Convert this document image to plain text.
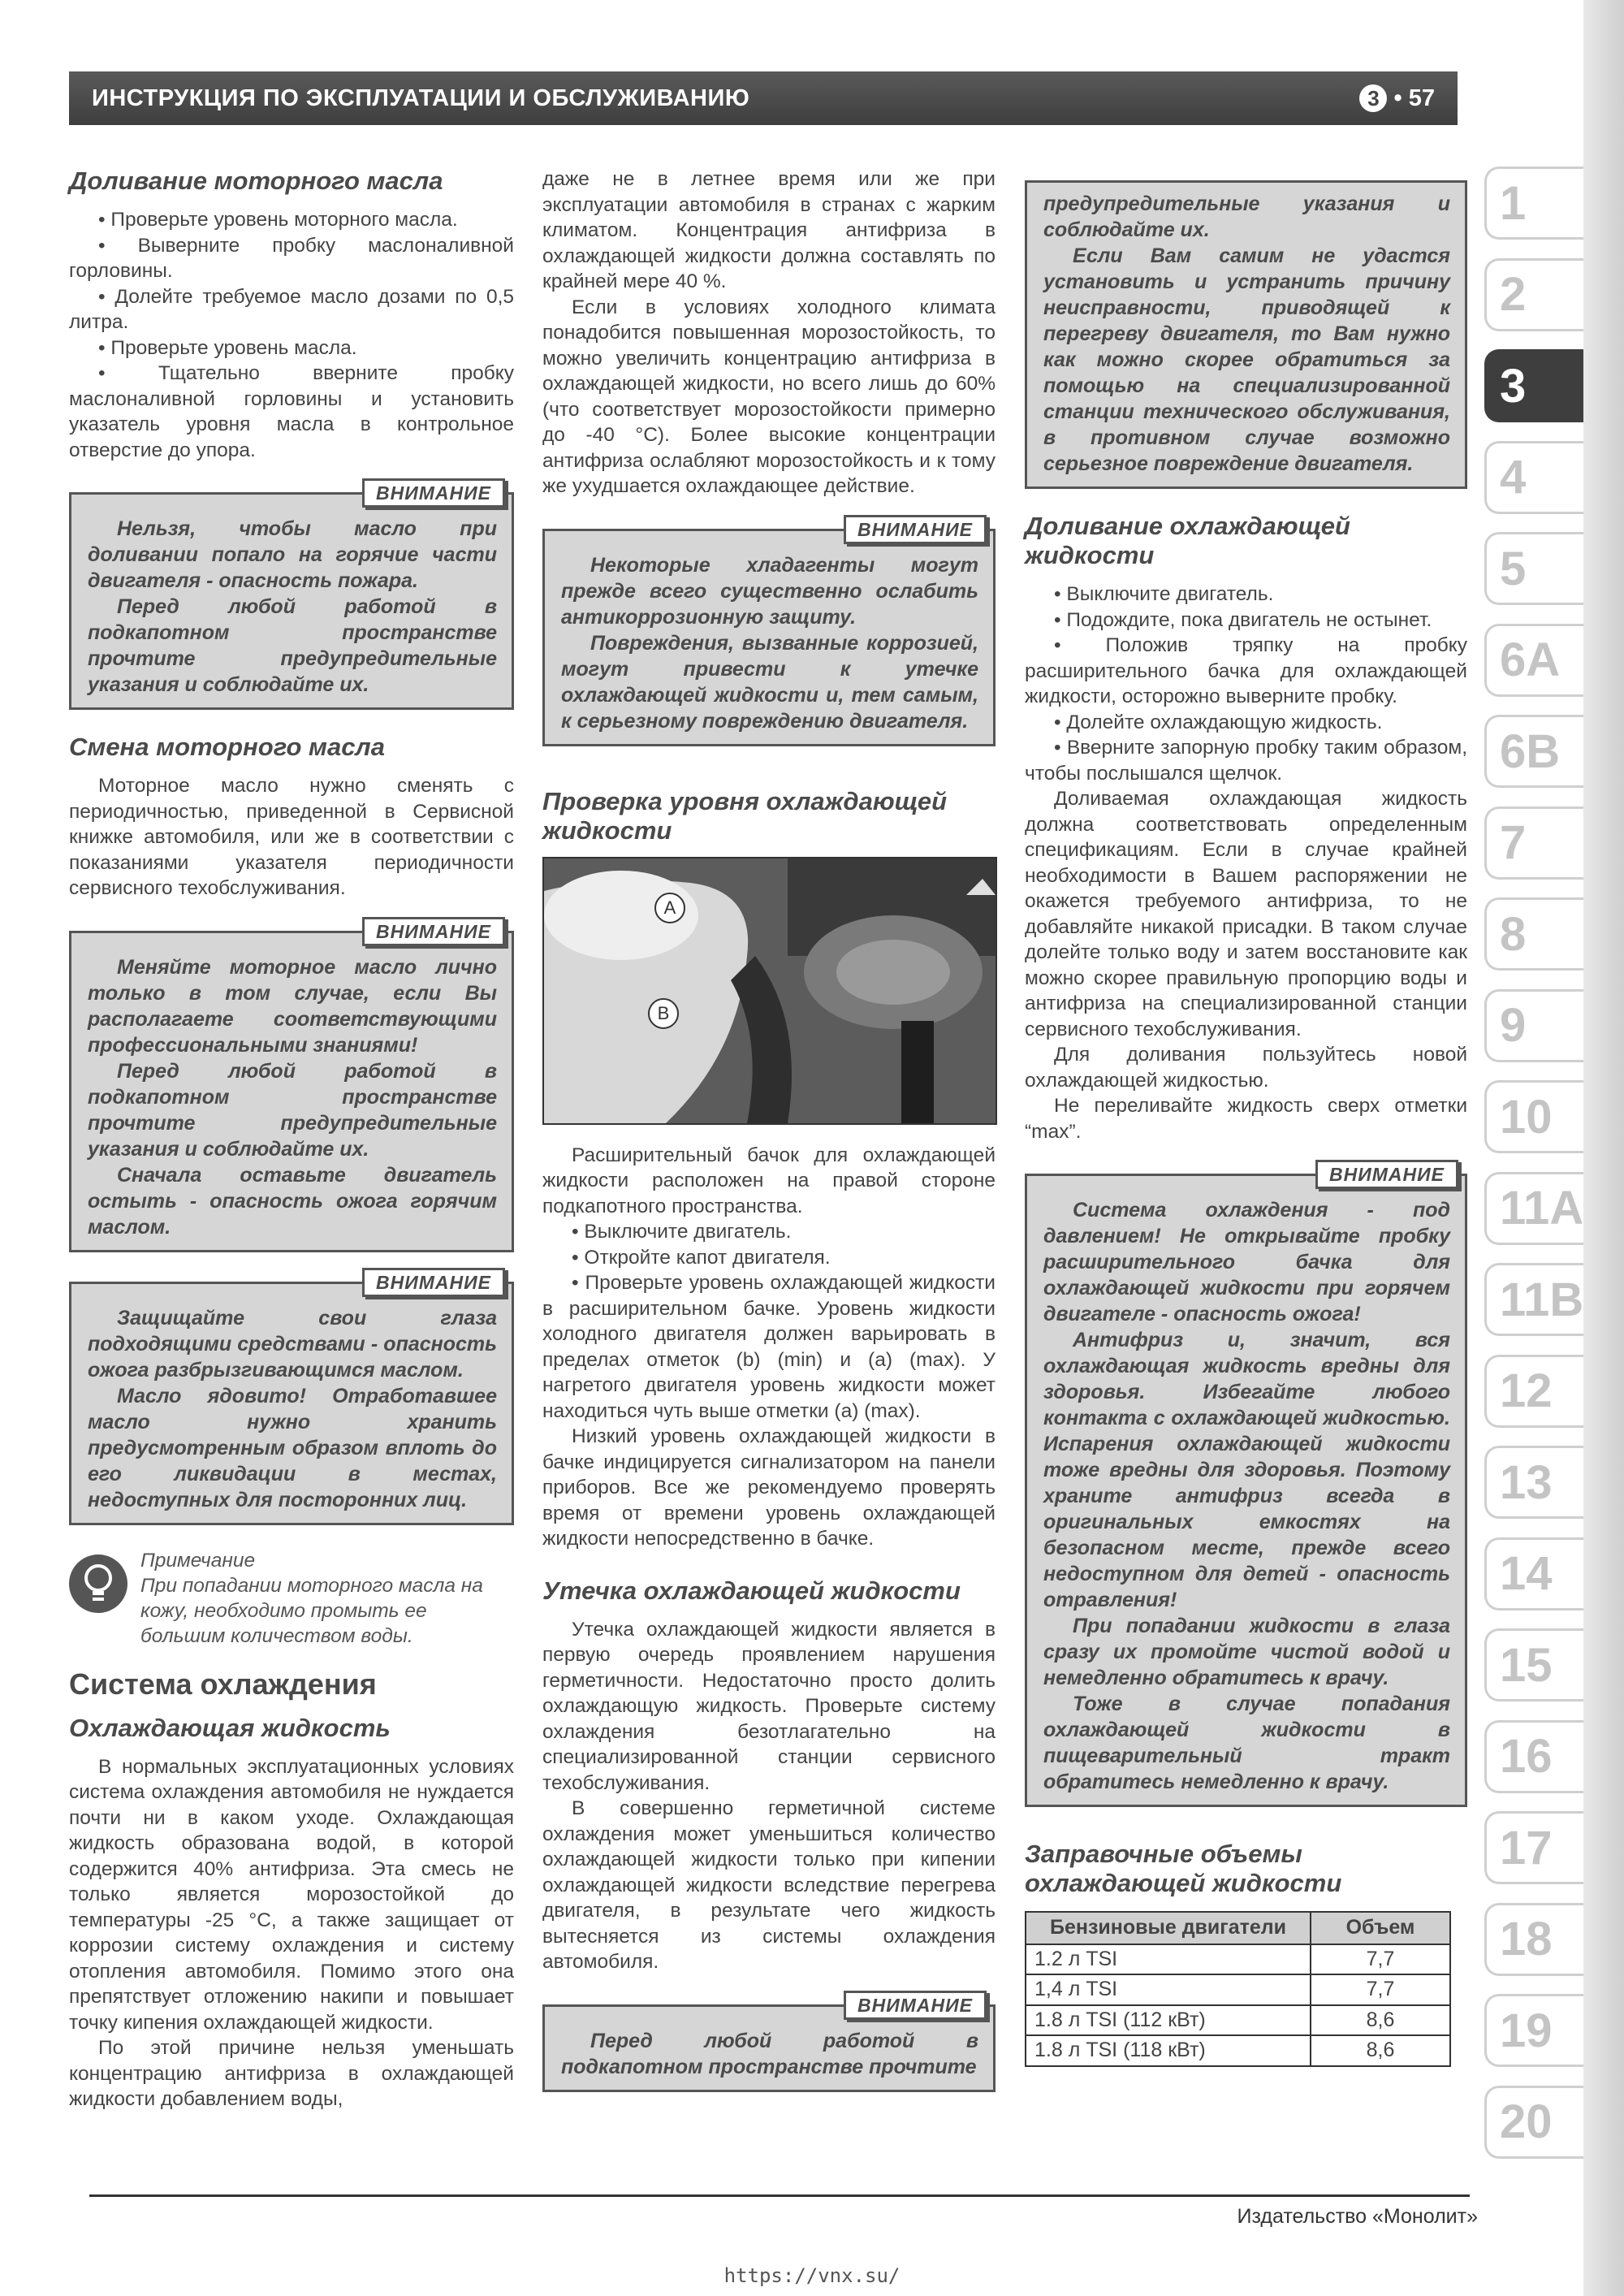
ИНСТРУКЦИЯ ПО ЭКСПЛУАТАЦИИ И ОБСЛУЖИВАНИЮ	3 • 57
Доливание моторного масла

• Проверьте уровень моторного масла.

• Выверните пробку маслоналивной горловины.

• Долейте требуемое масло дозами по 0,5 литра.

• Проверьте уровень масла.

• Тщательно вверните пробку маслоналивной горловины и установить указатель уровня масла в контрольное отверстие до упора.

ВНИМАНИЕ

Нельзя, чтобы масло при доливании попало на горячие части двигателя - опасность пожара.

Перед любой работой в подкапотном пространстве прочтите предупредительные указания и соблюдайте их.

Смена моторного масла

Моторное масло нужно сменять с периодичностью, приведенной в Сервисной книжке автомобиля, или же в соответствии с показаниями указателя периодичности сервисного техобслуживания.

ВНИМАНИЕ

Меняйте моторное масло лично только в том случае, если Вы располагаете соответствующими профессиональными знаниями!

Перед любой работой в подкапотном пространстве прочтите предупредительные указания и соблюдайте их.

Сначала оставьте двигатель остыть - опасность ожога горячим маслом.

ВНИМАНИЕ

Защищайте свои глаза подходящими средствами - опасность ожога разбрызгивающимся маслом.

Масло ядовито! Отработавшее масло нужно хранить предусмотренным образом вплоть до его ликвидации в местах, недоступных для посторонних лиц.

Примечание
При попадании моторного масла на кожу, необходимо промыть ее большим количеством воды.
Система охлаждения
Охлаждающая жидкость

В нормальных эксплуатационных условиях система охлаждения автомобиля не нуждается почти ни в каком уходе. Охлаждающая жидкость образована водой, в которой содержится 40% антифриза. Эта смесь не только является морозостойкой до температуры -25 °C, а также защищает от коррозии систему охлаждения и систему отопления автомобиля. Помимо этого она препятствует отложению накипи и повышает точку кипения охлаждающей жидкости.

По этой причине нельзя уменьшать концентрацию антифриза в охлаждающей жидкости добавлением воды,

даже не в летнее время или же при эксплуатации автомобиля в странах с жарким климатом. Концентрация антифриза в охлаждающей жидкости должна составлять по крайней мере 40 %.

Если в условиях холодного климата понадобится повышенная морозостойкость, то можно увеличить концентрацию антифриза в охлаждающей жидкости, но всего лишь до 60% (что соответствует морозостойкости примерно до -40 °C). Более высокие концентрации антифриза ослабляют морозостойкость и к тому же ухудшается охлаждающее действие.

ВНИМАНИЕ

Некоторые хладагенты могут прежде всего существенно ослабить антикоррозионную защиту.

Повреждения, вызванные коррозией, могут привести к утечке охлаждающей жидкости и, тем самым, к серьезному повреждению двигателя.

Проверка уровня охлаждающей жидкости
A
B

Расширительный бачок для охлаждающей жидкости расположен на правой стороне подкапотного пространства.

• Выключите двигатель.

• Откройте капот двигателя.

• Проверьте уровень охлаждающей жидкости в расширительном бачке. Уровень жидкости холодного двигателя должен варьировать в пределах отметок (b) (min) и (a) (max). У нагретого двигателя уровень жидкости может находиться чуть выше отметки (a) (max).

Низкий уровень охлаждающей жидкости в бачке индицируется сигнализатором на панели приборов. Все же рекомендуемо проверять время от времени уровень охлаждающей жидкости непосредственно в бачке.

Утечка охлаждающей жидкости

Утечка охлаждающей жидкости является в первую очередь проявлением нарушения герметичности. Недостаточно просто долить охлаждающую жидкость. Проверьте систему охлаждения безотлагательно на специализированной станции сервисного техобслуживания.

В совершенно герметичной системе охлаждения может уменьшиться количество охлаждающей жидкости только при кипении охлаждающей жидкости вследствие перегрева двигателя, в результате чего жидкость вытесняется из системы охлаждения автомобиля.

ВНИМАНИЕ

Перед любой работой в подкапотном пространстве прочтите

предупредительные указания и соблюдайте их.

Если Вам самим не удастся установить и устранить причину неисправности, приводящей к перегреву двигателя, то Вам нужно как можно скорее обратиться за помощью на специализированной станции технического обслуживания, в противном случае возможно серьезное повреждение двигателя.

Доливание охлаждающей жидкости

• Выключите двигатель.

• Подождите, пока двигатель не остынет.

• Положив тряпку на пробку расширительного бачка для охлаждающей жидкости, осторожно выверните пробку.

• Долейте охлаждающую жидкость.

• Вверните запорную пробку таким образом, чтобы послышался щелчок.

Доливаемая охлаждающая жидкость должна соответствовать определенным спецификациям. Если в случае крайней необходимости в Вашем распоряжении не окажется требуемого антифриза, то не добавляйте никакой присадки. В таком случае долейте только воду и затем восстановите как можно скорее правильную пропорцию воды и антифриза на специализированной станции сервисного техобслуживания.

Для доливания пользуйтесь новой охлаждающей жидкостью.

Не переливайте жидкость сверх отметки “max”.

ВНИМАНИЕ

Система охлаждения - под давлением! Не открывайте пробку расширительного бачка для охлаждающей жидкости при горячем двигателе - опасность ожога!

Антифриз и, значит, вся охлаждающая жидкость вредны для здоровья. Избегайте любого контакта с охлаждающей жидкостью. Испарения охлаждающей жидкости тоже вредны для здоровья. Поэтому храните антифриз всегда в оригинальных емкостях на безопасном месте, прежде всего недоступном для детей - опасность отравления!

При попадании жидкости в глаза сразу их промойте чистой водой и немедленно обратитесь к врачу.

Тоже в случае попадания охлаждающей жидкости в пищеварительный тракт обратитесь немедленно к врачу.

Заправочные объемы охлаждающей жидкости
Бензиновые двигатели	Объем
1.2 л TSI	7,7
1,4 л TSI	7,7
1.8 л TSI (112 кВт)	8,6
1.8 л TSI (118 кВт)	8,6
1
2
3
4
5
6A
6B
7
8
9
10
11A
11B
12
13
14
15
16
17
18
19
20
Издательство «Монолит»
https://vnx.su/
